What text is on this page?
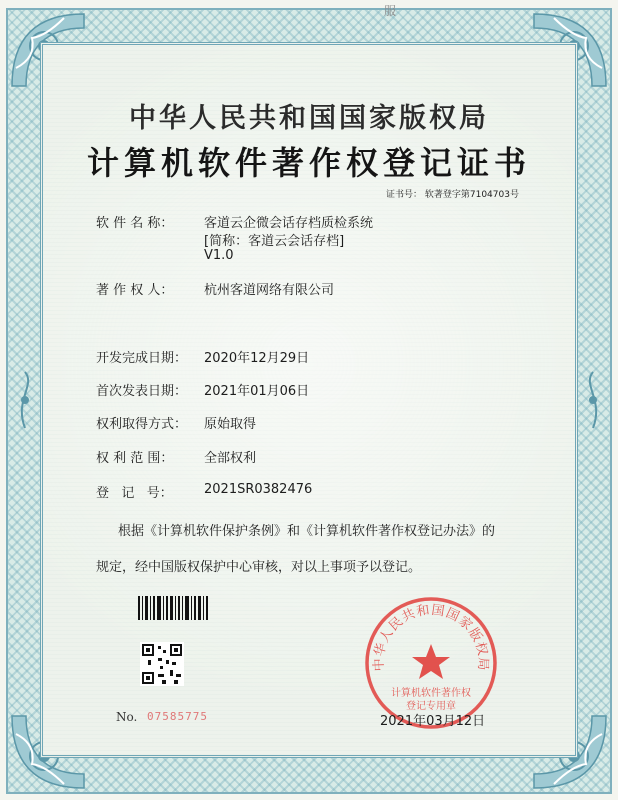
服
中华人民共和国国家版权局
计算机软件著作权登记证书
证书号： 软著登字第7104703号
软 件 名 称： 客道云企微会话存档质检系统
[简称：客道云会话存档]
V1.0
著 作 权 人： 杭州客道网络有限公司
开发完成日期： 2020年12月29日
首次发表日期： 2021年01月06日
权利取得方式： 原始取得
权 利 范 围： 全部权利
登   记   号： 2021SR0382476
根据《计算机软件保护条例》和《计算机软件著作权登记办法》的
规定，经中国版权保护中心审核，对以上事项予以登记。
No. 07585775
中华人民共和国国家版权局
计算机软件著作权
登记专用章
2021年03月12日
